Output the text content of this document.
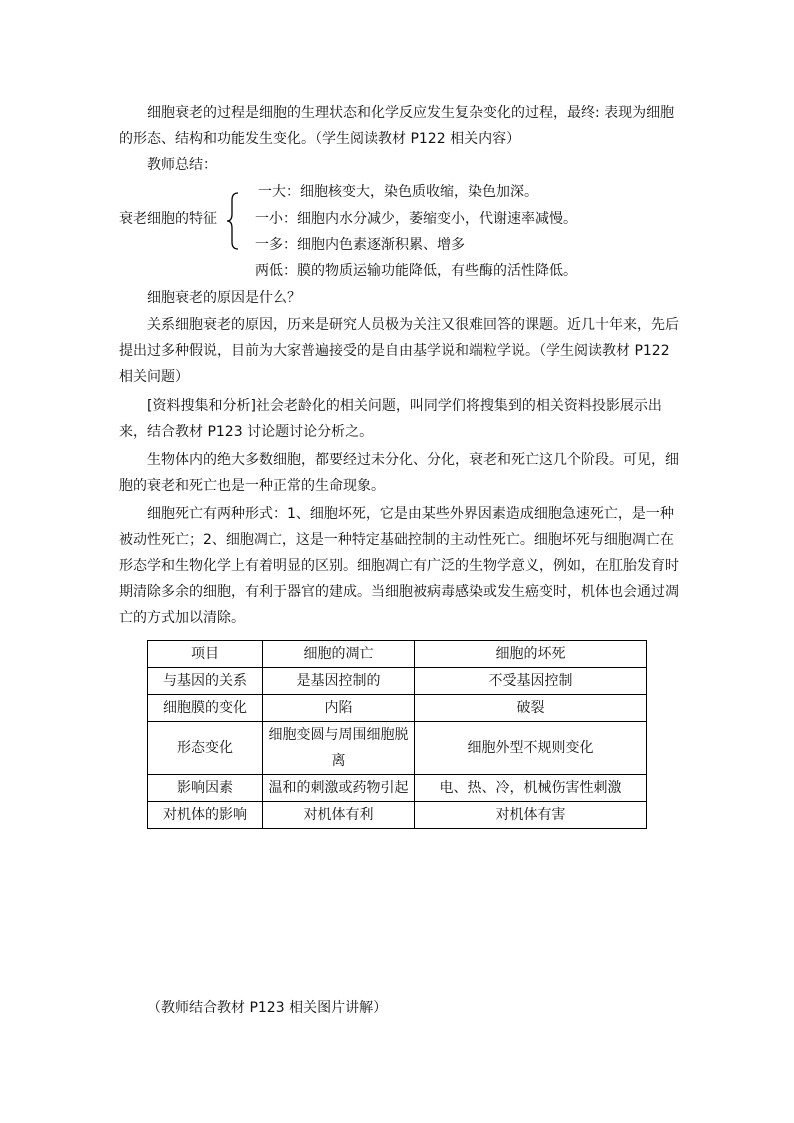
细胞衰老的过程是细胞的生理状态和化学反应发生复杂变化的过程，最终: 表现为细胞的形态、结构和功能发生变化。（学生阅读教材 P122 相关内容）

教师总结：
衰老细胞的特征
一大：细胞核变大，染色质收缩，染色加深。
一小：细胞内水分减少，萎缩变小，代谢速率减慢。
一多：细胞内色素逐渐积累、增多
两低：膜的物质运输功能降低，有些酶的活性降低。
细胞衰老的原因是什么？

关系细胞衰老的原因，历来是研究人员极为关注又很难回答的课题。近几十年来，先后提出过多种假说，目前为大家普遍接受的是自由基学说和端粒学说。（学生阅读教材 P122 相关问题）

[资料搜集和分析]社会老龄化的相关问题，叫同学们将搜集到的相关资料投影展示出来，结合教材 P123 讨论题讨论分析之。

生物体内的绝大多数细胞，都要经过未分化、分化，衰老和死亡这几个阶段。可见，细胞的衰老和死亡也是一种正常的生命现象。

细胞死亡有两种形式：1、细胞坏死，它是由某些外界因素造成细胞急速死亡，是一种被动性死亡；2、细胞凋亡，这是一种特定基础控制的主动性死亡。细胞坏死与细胞凋亡在形态学和生物化学上有着明显的区别。细胞凋亡有广泛的生物学意义，例如，在肛胎发育时期清除多余的细胞，有利于器官的建成。当细胞被病毒感染或发生癌变时，机体也会通过凋亡的方式加以清除。

项目	细胞的凋亡	细胞的坏死
与基因的关系	是基因控制的	不受基因控制
细胞膜的变化	内陷	破裂
形态变化	细胞变圆与周围细胞脱离	细胞外型不规则变化
影响因素	温和的刺激或药物引起	电、热、冷，机械伤害性刺激
对机体的影响	对机体有利	对机体有害
（教师结合教材 P123 相关图片讲解）
